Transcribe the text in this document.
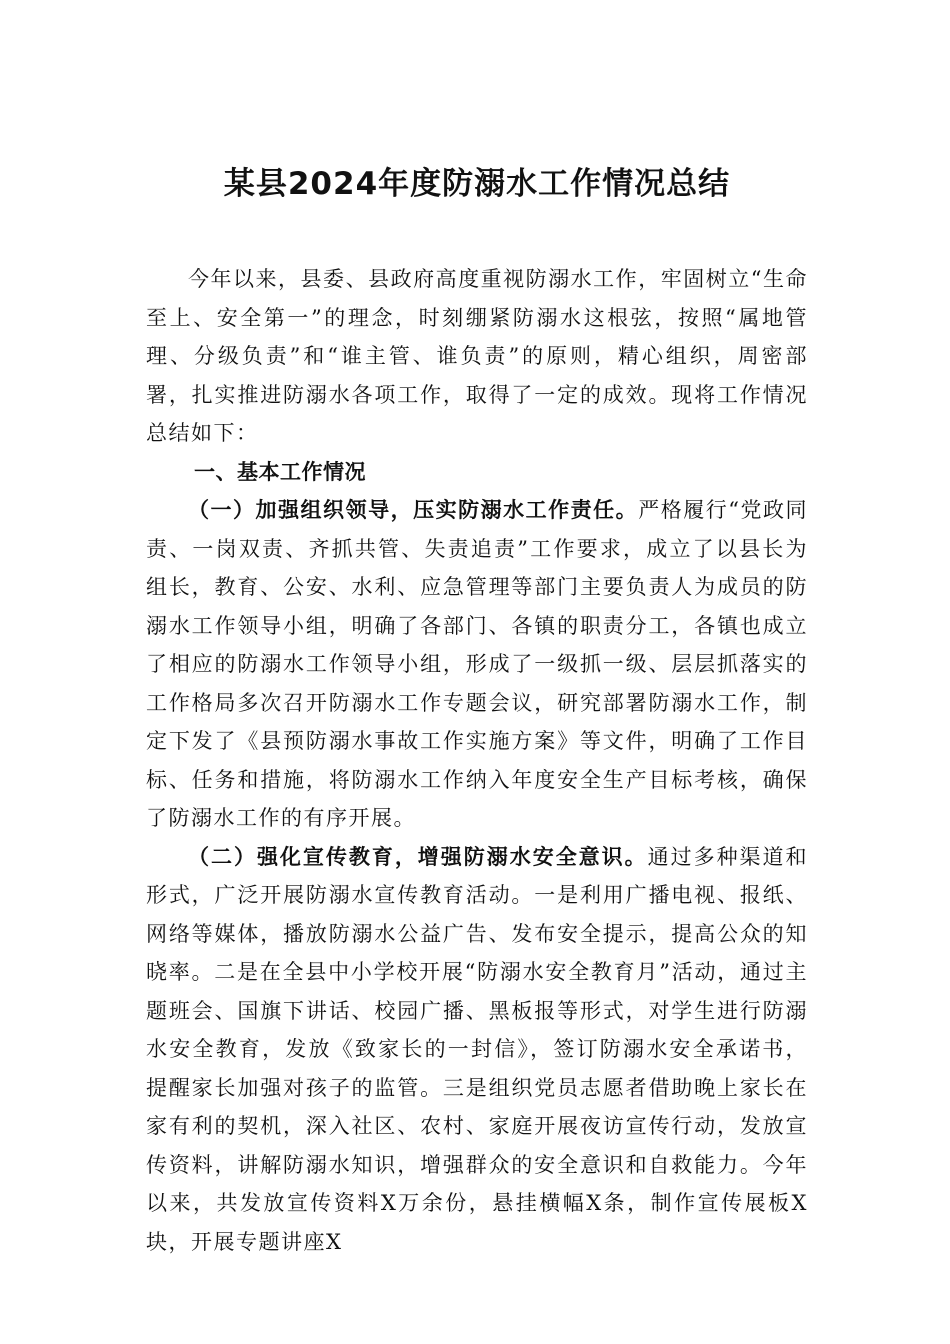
某县2024年度防溺水工作情况总结

今年以来，县委、县政府高度重视防溺水工作，牢固树立“生命至上、安全第一”的理念，时刻绷紧防溺水这根弦，按照“属地管理、分级负责”和“谁主管、谁负责”的原则，精心组织，周密部署，扎实推进防溺水各项工作，取得了一定的成效。现将工作情况总结如下：

一、基本工作情况

（一）加强组织领导，压实防溺水工作责任。严格履行“党政同责、一岗双责、齐抓共管、失责追责”工作要求，成立了以县长为组长，教育、公安、水利、应急管理等部门主要负责人为成员的防溺水工作领导小组，明确了各部门、各镇的职责分工，各镇也成立了相应的防溺水工作领导小组，形成了一级抓一级、层层抓落实的工作格局多次召开防溺水工作专题会议，研究部署防溺水工作，制定下发了《县预防溺水事故工作实施方案》等文件，明确了工作目标、任务和措施，将防溺水工作纳入年度安全生产目标考核，确保了防溺水工作的有序开展。

（二）强化宣传教育，增强防溺水安全意识。通过多种渠道和形式，广泛开展防溺水宣传教育活动。一是利用广播电视、报纸、网络等媒体，播放防溺水公益广告、发布安全提示，提高公众的知晓率。二是在全县中小学校开展“防溺水安全教育月”活动，通过主题班会、国旗下讲话、校园广播、黑板报等形式，对学生进行防溺水安全教育，发放《致家长的一封信》，签订防溺水安全承诺书，提醒家长加强对孩子的监管。三是组织党员志愿者借助晚上家长在家有利的契机，深入社区、农村、家庭开展夜访宣传行动，发放宣传资料，讲解防溺水知识，增强群众的安全意识和自救能力。今年以来，共发放宣传资料X万余份，悬挂横幅X条，制作宣传展板X块，开展专题讲座X
